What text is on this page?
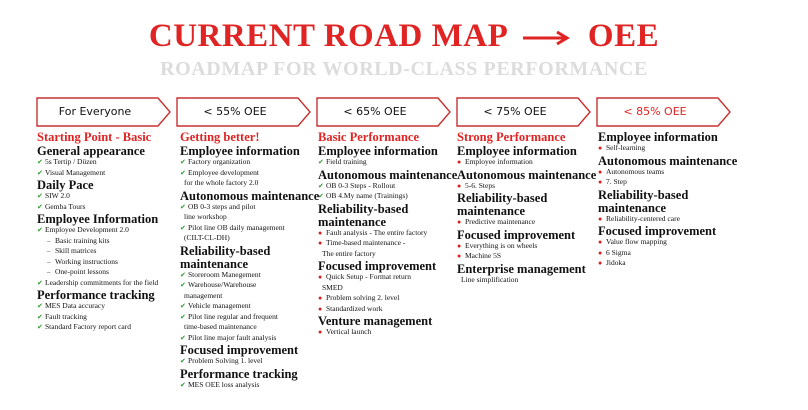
CURRENT ROAD MAP OEE
ROADMAP FOR WORLD-CLASS PERFORMANCE
For Everyone	< 55% OEE	< 65% OEE	< 75% OEE	< 85% OEE
Starting Point - Basic
General appearance
✔ 5s Tertip / Düzen
✔ Visual Management
Daily Pace
✔ SIW 2.0
✔ Gemba Tours
Employee Information
✔ Employee Development 2.0
– Basic training kits
– Skill matrices
– Working instructions
– One-point lessons
✔ Leadership commitments for the field
Performance tracking
✔ MES Data accuracy
✔ Fault tracking
✔ Standard Factory report card
Getting better!
Employee information
✔ Factory organization
✔ Employee development
for the whole factory 2.0
Autonomous maintenance
✔ OB 0-3 steps and pilot
line workshop
✔ Pilot line OB daily management
(CILT-CL-DH)
Reliability-based
maintenance
✔ Storeroom Manegement
✔ Warehouse/Warehouse
management
✔ Vehicle management
✔ Pilot line regular and frequent
time-based maintenance
✔ Pilot line major fault analysis
Focused improvement
✔ Problem Solving 1. level
Performance tracking
✔ MES OEE loss analysis
Basic Performance
Employee information
✔ Field training
Autonomous maintenance
✔ OB 0-3 Steps - Rollout
✔ OB 4.My name (Trainings)
Reliability-based
maintenance
● Fault analysis - The entire factory
● Time-based maintenance -
The entire factory
Focused improvement
● Quick Setup - Format return
SMED
● Problem solving 2. level
● Standardized work
Venture management
● Vertical launch
Strong Performance
Employee information
● Employee information
Autonomous maintenance
● 5-6. Steps
Reliability-based
maintenance
● Predictive maintenance
Focused improvement
● Everything is on wheels
● Machine 5S
Enterprise management
Line simplification
Employee information
● Self-learning
Autonomous maintenance
● Autonomous teams
● 7. Step
Reliability-based
maintenance
● Reliability-centered care
Focused improvement
● Value flow mapping
● 6 Sigma
● Jidoka
